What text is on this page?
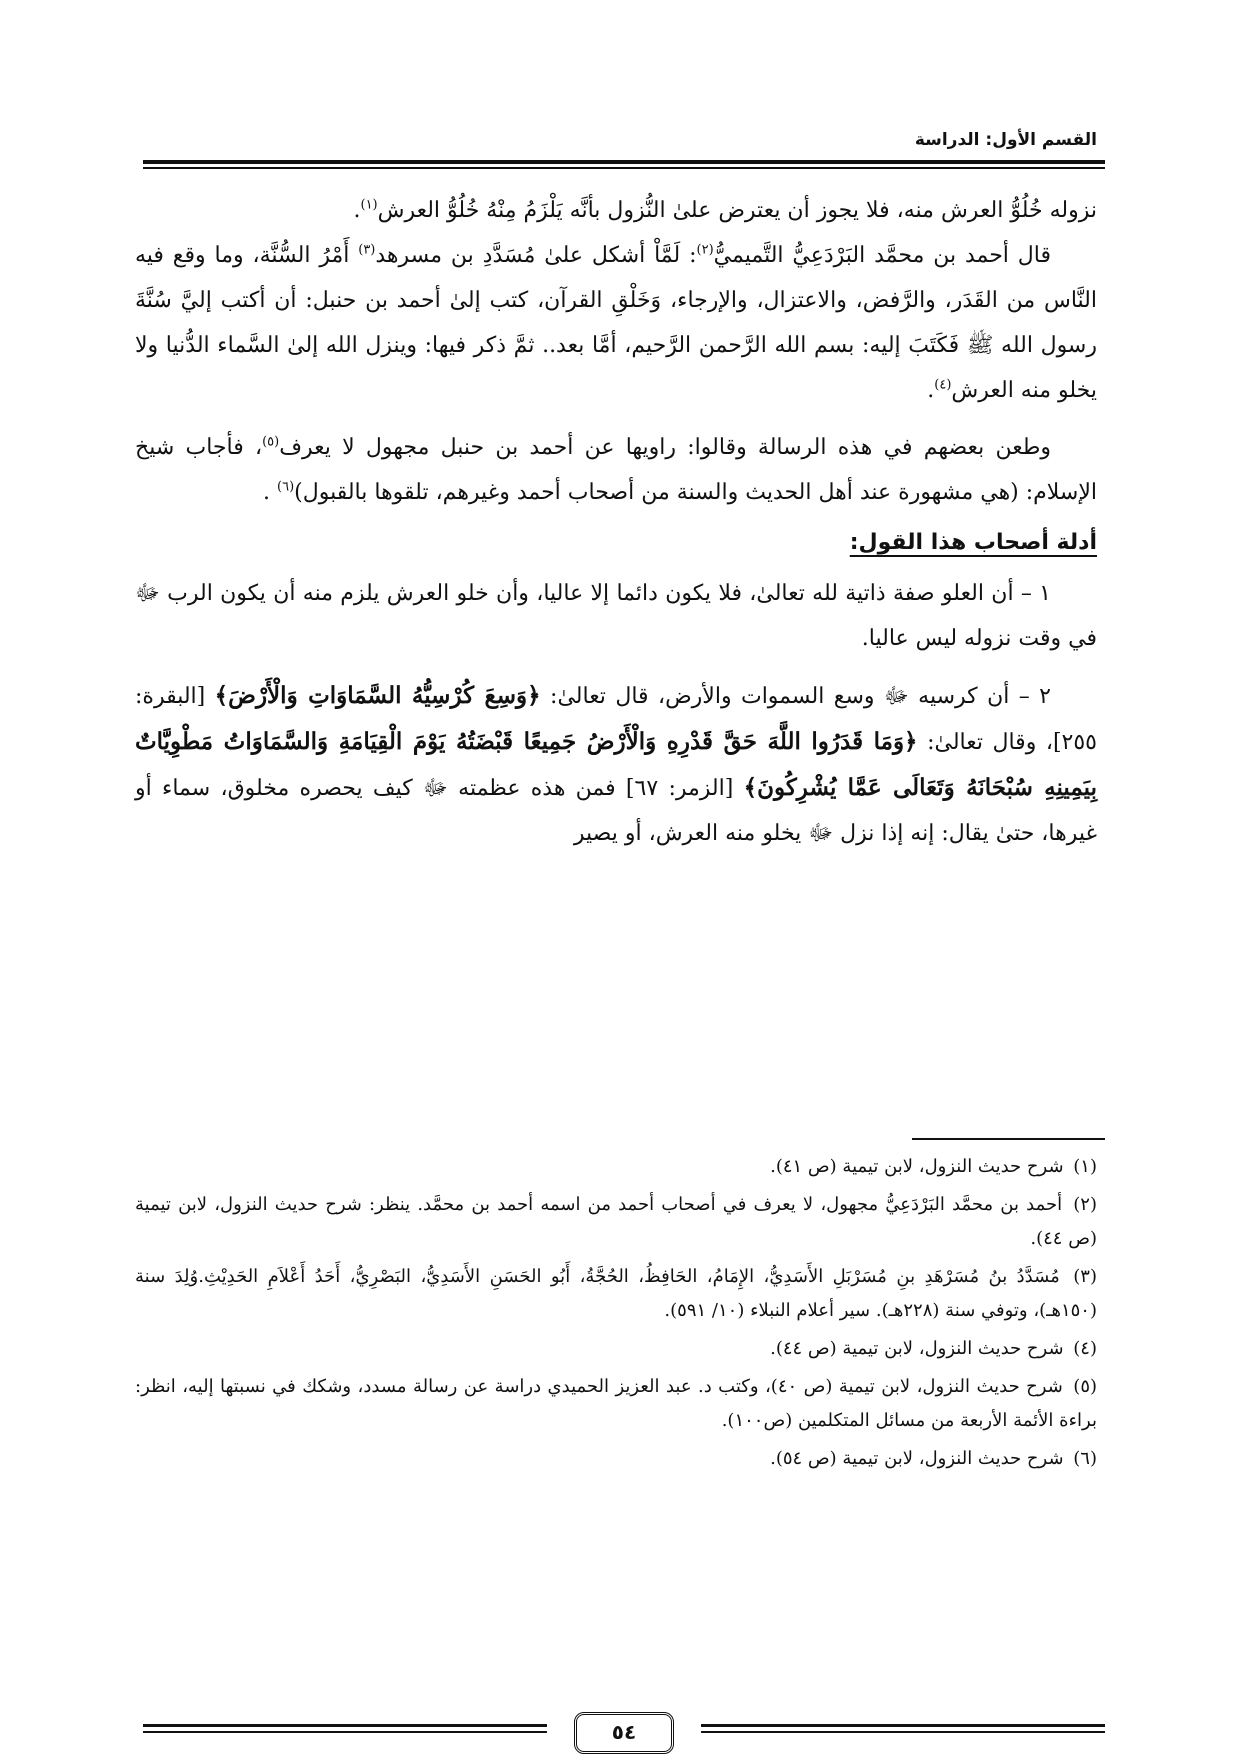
القسم الأول: الدراسة

نزوله خُلُوُّ العرش منه، فلا يجوز أن يعترض علىٰ النُّزول بأنَّه يَلْزَمُ مِنْهُ خُلُوُّ العرش$^{(١)}$.

قال أحمد بن محمَّد البَرْدَعِيُّ التَّميميُّ$^{(٢)}$: لَمَّاْ أشكل علىٰ مُسَدَّدِ بن مسرهد$^{(٣)}$ أَمْرُ السُّنَّة، وما وقع فيه النَّاس من القَدَر، والرَّفض، والاعتزال، والإرجاء، وَخَلْقِ القرآن، كتب إلىٰ أحمد بن حنبل: أن أكتب إليَّ سُنَّةَ رسول الله ﷺ فَكَتَبَ إليه: بسم الله الرَّحمن الرَّحيم، أمَّا بعد.. ثمَّ ذكر فيها: وينزل الله إلىٰ السَّماء الدُّنيا ولا يخلو منه العرش$^{(٤)}$.

وطعن بعضهم في هذه الرسالة وقالوا: راويها عن أحمد بن حنبل مجهول لا يعرف$^{(٥)}$، فأجاب شيخ الإسلام: (هي مشهورة عند أهل الحديث والسنة من أصحاب أحمد وغيرهم، تلقوها بالقبول)$^{(٦)}$ .

أدلة أصحاب هذا القول:

١ – أن العلو صفة ذاتية لله تعالىٰ، فلا يكون دائما إلا عاليا، وأن خلو العرش يلزم منه أن يكون الرب ﷻ في وقت نزوله ليس عاليا.

٢ – أن كرسيه ﷻ وسع السموات والأرض، قال تعالىٰ: ﴿وَسِعَ كُرْسِيُّهُ السَّمَاوَاتِ وَالْأَرْضَ﴾ [البقرة: ٢٥٥]، وقال تعالىٰ: ﴿وَمَا قَدَرُوا اللَّهَ حَقَّ قَدْرِهِ وَالْأَرْضُ جَمِيعًا قَبْضَتُهُ يَوْمَ الْقِيَامَةِ وَالسَّمَاوَاتُ مَطْوِيَّاتٌ بِيَمِينِهِ سُبْحَانَهُ وَتَعَالَى عَمَّا يُشْرِكُونَ﴾ [الزمر: ٦٧] فمن هذه عظمته ﷻ كيف يحصره مخلوق، سماء أو غيرها، حتىٰ يقال: إنه إذا نزل ﷻ يخلو منه العرش، أو يصير

(١) شرح حديث النزول، لابن تيمية (ص ٤١).

(٢) أحمد بن محمَّد البَرْدَعِيُّ مجهول، لا يعرف في أصحاب أحمد من اسمه أحمد بن محمَّد. ينظر: شرح حديث النزول، لابن تيمية (ص ٤٤).

(٣) مُسَدَّدُ بنُ مُسَرْهَدِ بنِ مُسَرْبَلِ الأَسَدِيُّ، الإِمَامُ، الحَافِظُ، الحُجَّةُ، أَبُو الحَسَنِ الأَسَدِيُّ، البَصْرِيُّ، أَحَدُ أَعْلاَمِ الحَدِيْثِ.وُلِدَ سنة (١٥٠هـ)، وتوفي سنة (٢٢٨هـ). سير أعلام النبلاء (١٠/ ٥٩١).

(٤) شرح حديث النزول، لابن تيمية (ص ٤٤).

(٥) شرح حديث النزول، لابن تيمية (ص ٤٠)، وكتب د. عبد العزيز الحميدي دراسة عن رسالة مسدد، وشكك في نسبتها إليه، انظر: براءة الأئمة الأربعة من مسائل المتكلمين (ص١٠٠).

(٦) شرح حديث النزول، لابن تيمية (ص ٥٤).

٥٤
